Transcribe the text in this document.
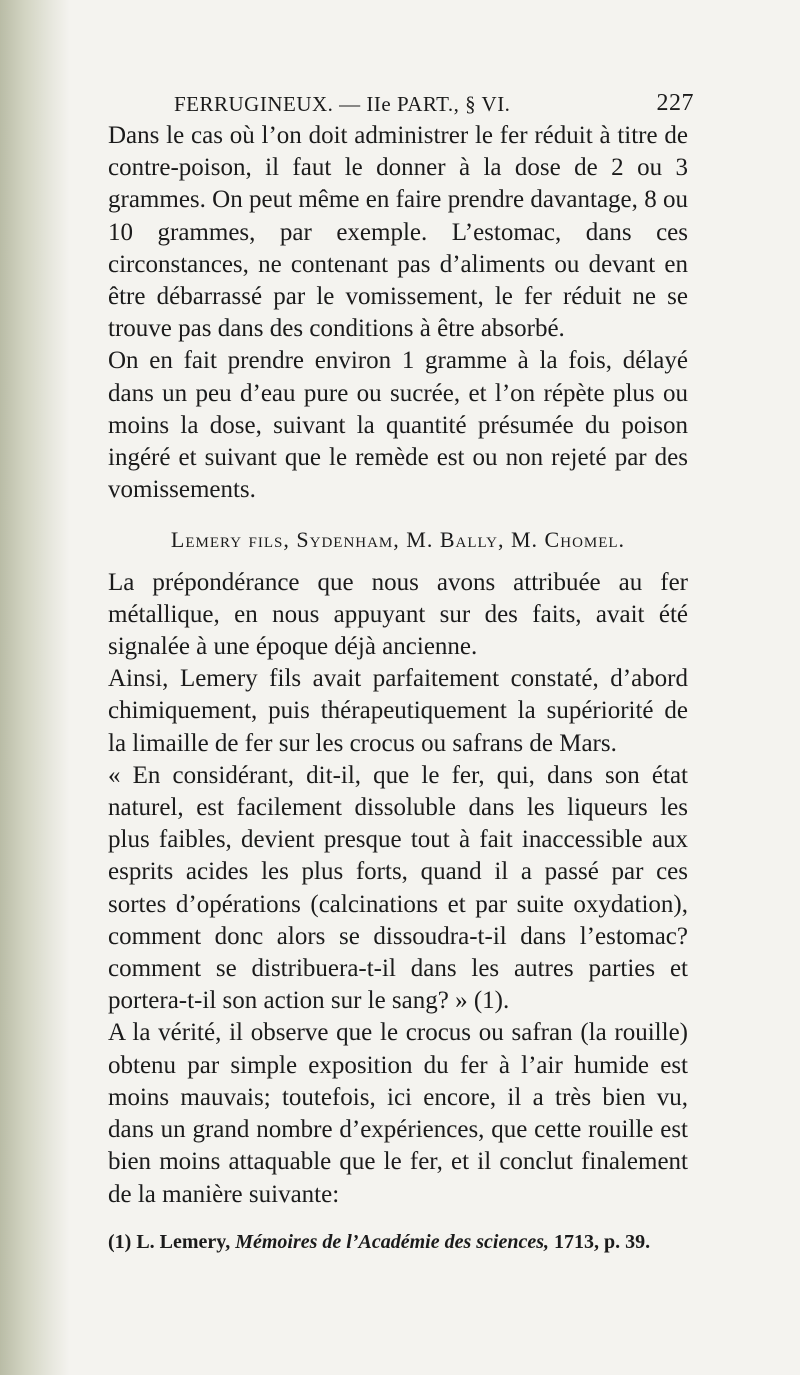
FERRUGINEUX. — IIe PART., § VI.	227

Dans le cas où l’on doit administrer le fer réduit à titre de contre-poison, il faut le donner à la dose de 2 ou 3 grammes. On peut même en faire prendre davantage, 8 ou 10 grammes, par exemple. L’estomac, dans ces circonstances, ne contenant pas d’aliments ou devant en être débarrassé par le vomissement, le fer réduit ne se trouve pas dans des conditions à être absorbé.

On en fait prendre environ 1 gramme à la fois, délayé dans un peu d’eau pure ou sucrée, et l’on répète plus ou moins la dose, suivant la quantité présumée du poison ingéré et suivant que le remède est ou non rejeté par des vomissements.

Lemery fils, Sydenham, M. Bally, M. Chomel.

La prépondérance que nous avons attribuée au fer métallique, en nous appuyant sur des faits, avait été signalée à une époque déjà ancienne.

Ainsi, Lemery fils avait parfaitement constaté, d’abord chimiquement, puis thérapeutiquement la supériorité de la limaille de fer sur les crocus ou safrans de Mars.

« En considérant, dit-il, que le fer, qui, dans son état naturel, est facilement dissoluble dans les liqueurs les plus faibles, devient presque tout à fait inaccessible aux esprits acides les plus forts, quand il a passé par ces sortes d’opérations (calcinations et par suite oxydation), comment donc alors se dissoudra-t-il dans l’estomac? comment se distribuera-t-il dans les autres parties et portera-t-il son action sur le sang? » (1).

A la vérité, il observe que le crocus ou safran (la rouille) obtenu par simple exposition du fer à l’air humide est moins mauvais; toutefois, ici encore, il a très bien vu, dans un grand nombre d’expériences, que cette rouille est bien moins attaquable que le fer, et il conclut finalement de la manière suivante:

(1) L. Lemery, Mémoires de l’Académie des sciences, 1713, p. 39.
